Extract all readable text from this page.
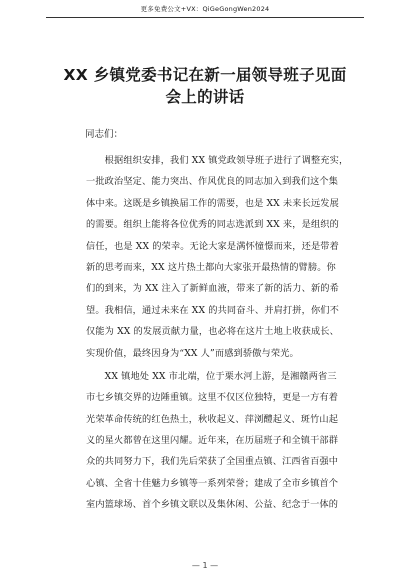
更多免费公文+VX：QiGeGongWen2024
XX 乡镇党委书记在新一届领导班子见面
会上的讲话

同志们：

　　根据组织安排，我们 XX 镇党政领导班子进行了调整充实，
一批政治坚定、能力突出、作风优良的同志加入到我们这个集
体中来。这既是乡镇换届工作的需要，也是 XX 未来长远发展
的需要。组织上能将各位优秀的同志选派到 XX 来，是组织的
信任，也是 XX 的荣幸。无论大家是满怀憧憬而来，还是带着
新的思考而来，XX 这片热土都向大家张开最热情的臂膀。你
们的到来，为 XX 注入了新鲜血液，带来了新的活力、新的希
望。我相信，通过未来在 XX 的共同奋斗、并肩打拼，你们不
仅能为 XX 的发展贡献力量，也必将在这片土地上收获成长、
实现价值，最终因身为“XX 人”而感到骄傲与荣光。
　　XX 镇地处 XX 市北端，位于栗水河上游，是湘赣两省三
市七乡镇交界的边陲重镇。这里不仅区位独特，更是一方有着
光荣革命传统的红色热土，秋收起义、萍浏醴起义、斑竹山起
义的星火都曾在这里闪耀。近年来，在历届班子和全镇干部群
众的共同努力下，我们先后荣获了全国重点镇、江西省百强中
心镇、全省十佳魅力乡镇等一系列荣誉；建成了全市乡镇首个
室内篮球场、首个乡镇文联以及集休闲、公益、纪念于一体的
— 1 —
